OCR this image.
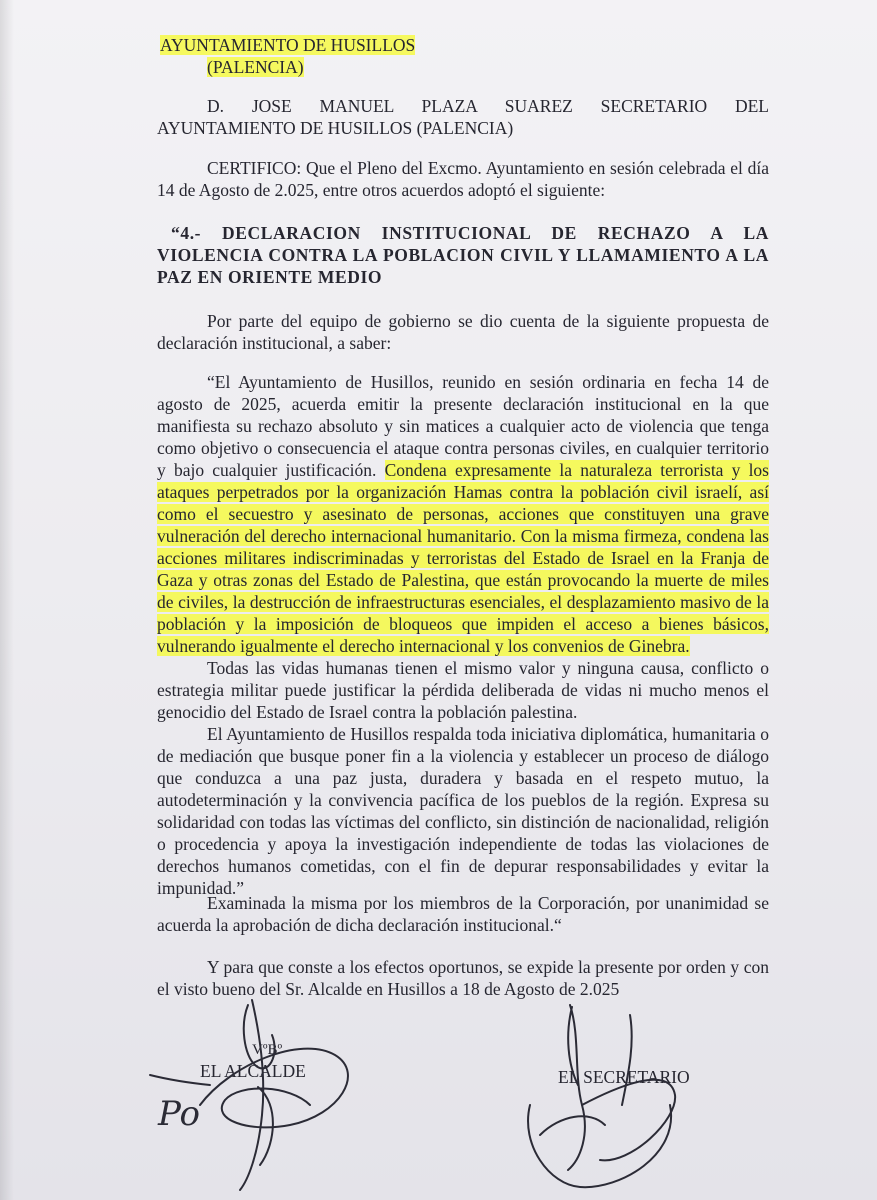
AYUNTAMIENTO DE HUSILLOS
(PALENCIA)

D. JOSE MANUEL PLAZA SUAREZ SECRETARIO DEL AYUNTAMIENTO DE HUSILLOS (PALENCIA)

CERTIFICO: Que el Pleno del Excmo. Ayuntamiento en sesión celebrada el día 14 de Agosto de 2.025, entre otros acuerdos adoptó el siguiente:

“4.- DECLARACION INSTITUCIONAL DE RECHAZO A LA VIOLENCIA CONTRA LA POBLACION CIVIL Y LLAMAMIENTO A LA PAZ EN ORIENTE MEDIO

Por parte del equipo de gobierno se dio cuenta de la siguiente propuesta de declaración institucional, a saber:

“El Ayuntamiento de Husillos, reunido en sesión ordinaria en fecha 14 de agosto de 2025, acuerda emitir la presente declaración institucional en la que manifiesta su rechazo absoluto y sin matices a cualquier acto de violencia que tenga como objetivo o consecuencia el ataque contra personas civiles, en cualquier territorio y bajo cualquier justificación. Condena expresamente la naturaleza terrorista y los ataques perpetrados por la organización Hamas contra la población civil israelí, así como el secuestro y asesinato de personas, acciones que constituyen una grave vulneración del derecho internacional humanitario. Con la misma firmeza, condena las acciones militares indiscriminadas y terroristas del Estado de Israel en la Franja de Gaza y otras zonas del Estado de Palestina, que están provocando la muerte de miles de civiles, la destrucción de infraestructuras esenciales, el desplazamiento masivo de la población y la imposición de bloqueos que impiden el acceso a bienes básicos, vulnerando igualmente el derecho internacional y los convenios de Ginebra.

Todas las vidas humanas tienen el mismo valor y ninguna causa, conflicto o estrategia militar puede justificar la pérdida deliberada de vidas ni mucho menos el genocidio del Estado de Israel contra la población palestina.

El Ayuntamiento de Husillos respalda toda iniciativa diplomática, humanitaria o de mediación que busque poner fin a la violencia y establecer un proceso de diálogo que conduzca a una paz justa, duradera y basada en el respeto mutuo, la autodeterminación y la convivencia pacífica de los pueblos de la región. Expresa su solidaridad con todas las víctimas del conflicto, sin distinción de nacionalidad, religión o procedencia y apoya la investigación independiente de todas las violaciones de derechos humanos cometidas, con el fin de depurar responsabilidades y evitar la impunidad.”

Examinada la misma por los miembros de la Corporación, por unanimidad se acuerda la aprobación de dicha declaración institucional.“

Y para que conste a los efectos oportunos, se expide la presente por orden y con el visto bueno del Sr. Alcalde en Husillos a 18 de Agosto de 2.025

VºBº
EL ALCALDE	EL SECRETARIO
Po
